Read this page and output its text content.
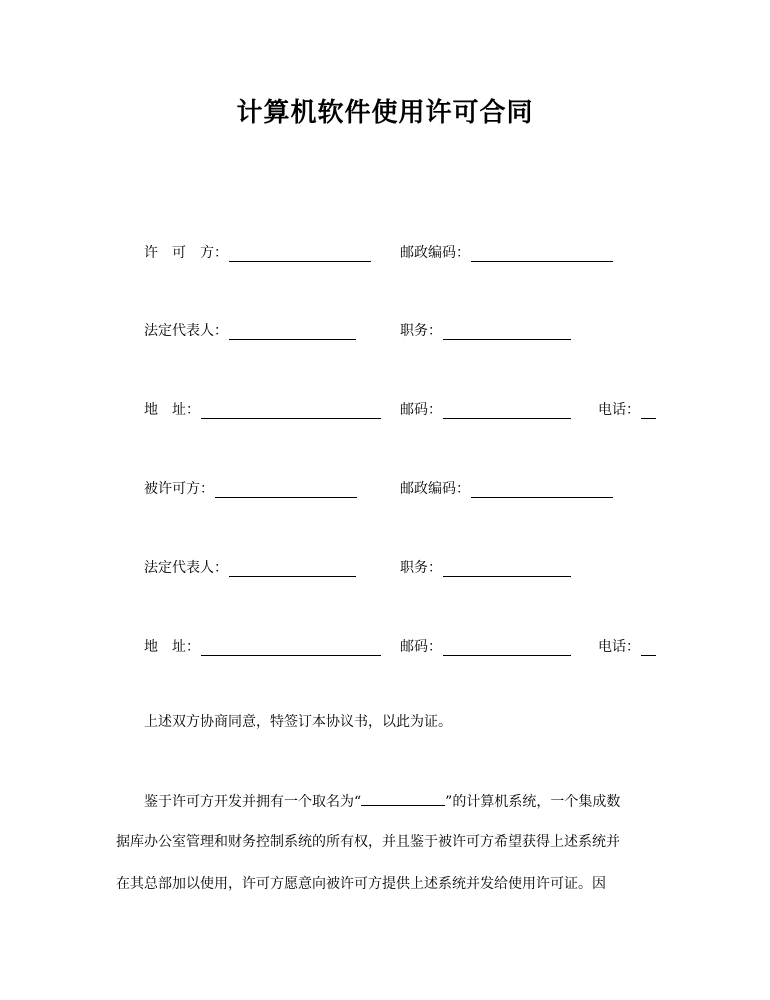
计算机软件使用许可合同
许　可　方：	邮政编码：
法定代表人：	职务：
地　址：	邮码：	电话：
被许可方：	邮政编码：
法定代表人：	职务：
地　址：	邮码：	电话：
上述双方协商同意，特签订本协议书，以此为证。
鉴于许可方开发并拥有一个取名为“	”的计算机系统，一个集成数
据库办公室管理和财务控制系统的所有权，并且鉴于被许可方希望获得上述系统并
在其总部加以使用，许可方愿意向被许可方提供上述系统并发给使用许可证。因
